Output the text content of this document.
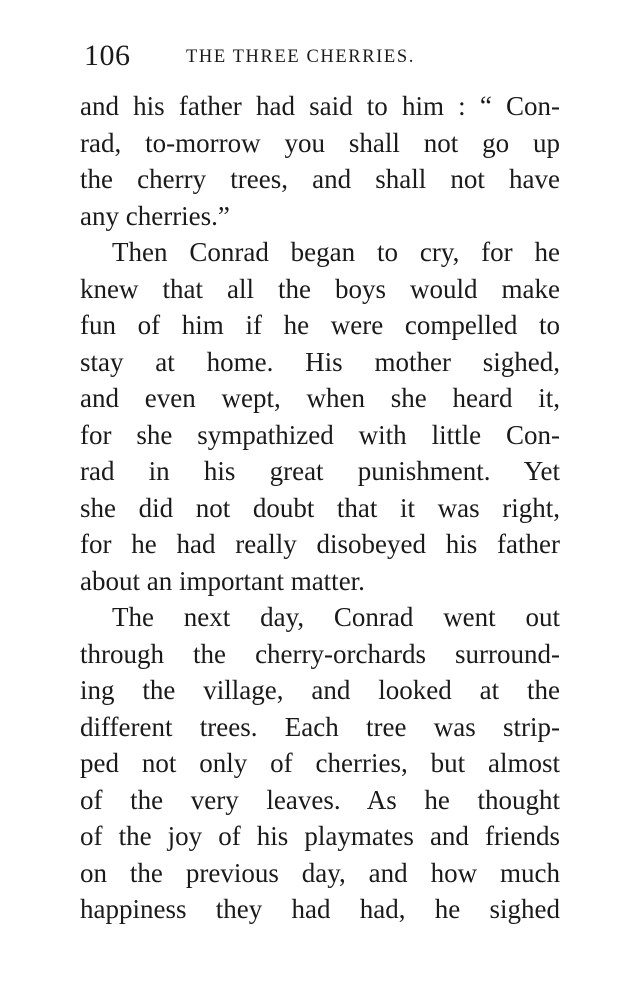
106	THE THREE CHERRIES.
and his father had said to him : “ Con-
rad, to-morrow you shall not go up
the cherry trees, and shall not have
any cherries.”
Then Conrad began to cry, for he
knew that all the boys would make
fun of him if he were compelled to
stay at home. His mother sighed,
and even wept, when she heard it,
for she sympathized with little Con-
rad in his great punishment. Yet
she did not doubt that it was right,
for he had really disobeyed his father
about an important matter.
The next day, Conrad went out
through the cherry-orchards surround-
ing the village, and looked at the
different trees. Each tree was strip-
ped not only of cherries, but almost
of the very leaves. As he thought
of the joy of his playmates and friends
on the previous day, and how much
happiness they had had, he sighed
